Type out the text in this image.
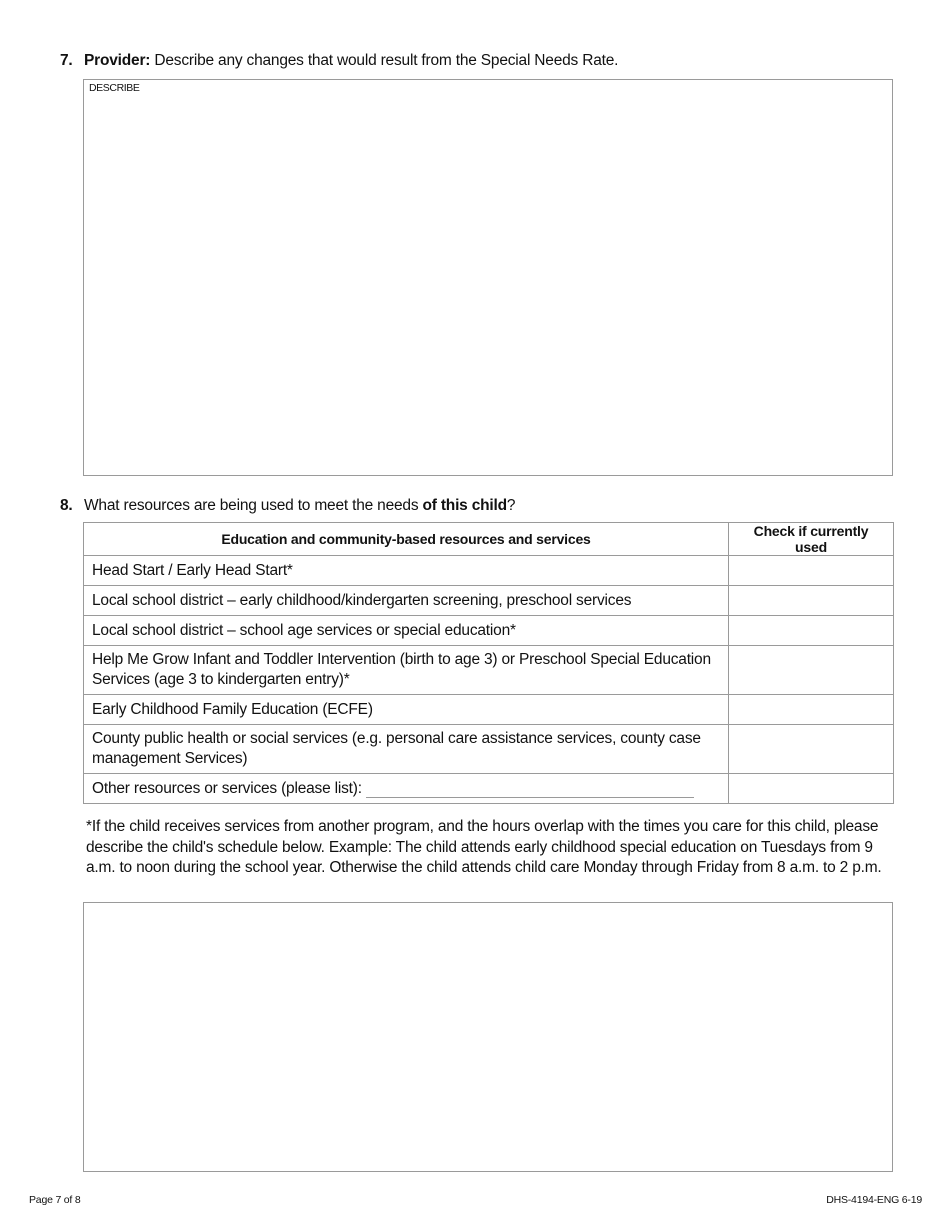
7. Provider: Describe any changes that would result from the Special Needs Rate.
DESCRIBE
8. What resources are being used to meet the needs of this child?
Education and community-based resources and services	Check if currently used
Head Start / Early Head Start*	
Local school district – early childhood/kindergarten screening, preschool services	
Local school district – school age services or special education*	
Help Me Grow Infant and Toddler Intervention (birth to age 3) or Preschool Special Education Services (age 3 to kindergarten entry)*	
Early Childhood Family Education (ECFE)	
County public health or social services (e.g. personal care assistance services, county case management Services)	
Other resources or services (please list):	
*If the child receives services from another program, and the hours overlap with the times you care for this child, please describe the child's schedule below. Example: The child attends early childhood special education on Tuesdays from 9 a.m. to noon during the school year. Otherwise the child attends child care Monday through Friday from 8 a.m. to 2 p.m.
Page 7 of 8	DHS-4194-ENG 6-19
